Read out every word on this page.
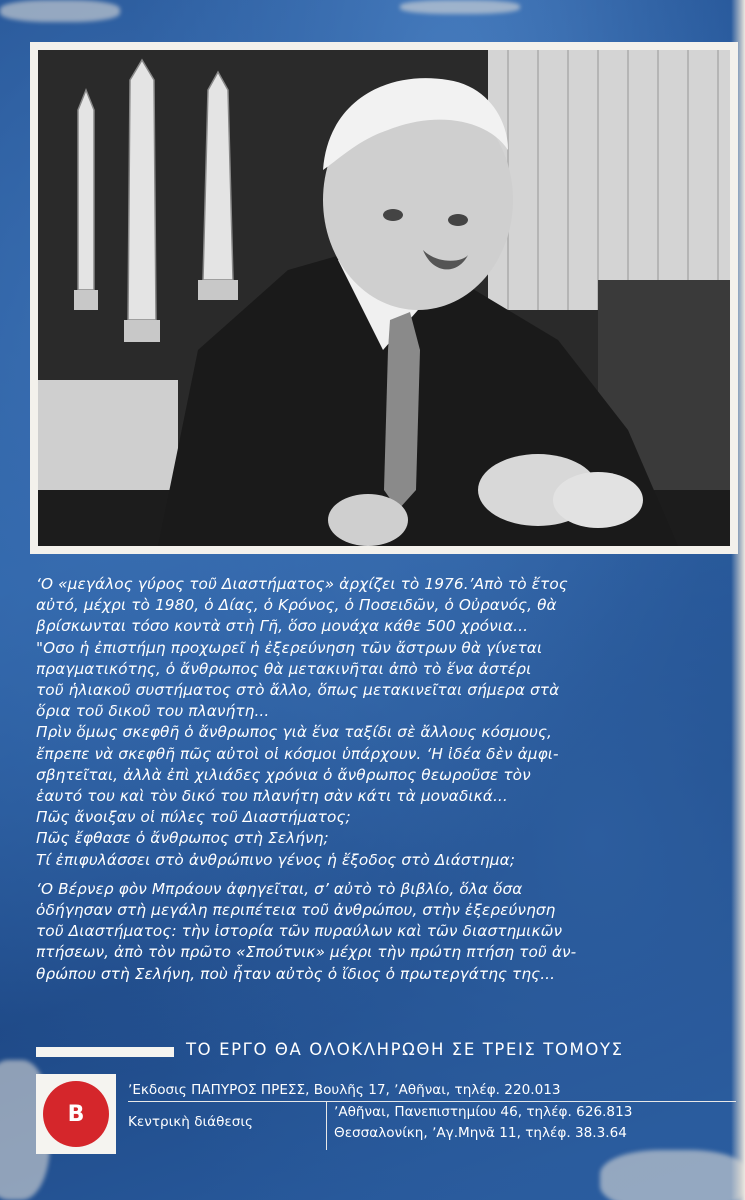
‘Ο «μεγάλος γύρος τοῦ Διαστήματος» ἀρχίζει τὸ 1976.’Απὸ τὸ ἔτος
αὐτό, μέχρι τὸ 1980, ὁ Δίας, ὁ Κρόνος, ὁ Ποσειδῶν, ὁ Οὐρανός, θὰ
βρίσκωνται τόσο κοντὰ στὴ Γῆ, ὅσο μονάχα κάθε 500 χρόνια...
"Οσο ἡ ἐπιστήμη προχωρεῖ ἡ ἐξερεύνηση τῶν ἄστρων θὰ γίνεται
πραγματικότης, ὁ ἄνθρωπος θὰ μετακινῆται ἀπὸ τὸ ἕνα ἀστέρι
τοῦ ἡλιακοῦ συστήματος στὸ ἄλλο, ὅπως μετακινεῖται σήμερα στὰ
ὅρια τοῦ δικοῦ του πλανήτη...
Πρὶν ὅμως σκεφθῆ ὁ ἄνθρωπος γιὰ ἕνα ταξίδι σὲ ἄλλους κόσμους,
ἔπρεπε νὰ σκεφθῆ πῶς αὐτοὶ οἱ κόσμοι ὑπάρχουν. ‘Η ἰδέα δὲν ἀμφι-
σβητεῖται, ἀλλὰ ἐπὶ χιλιάδες χρόνια ὁ ἄνθρωπος θεωροῦσε τὸν
ἑαυτό του καὶ τὸν δικό του πλανήτη σὰν κάτι τὰ μοναδικά...
Πῶς ἄνοιξαν οἱ πύλες τοῦ Διαστήματος;
Πῶς ἔφθασε ὁ ἄνθρωπος στὴ Σελήνη;
Τί ἐπιφυλάσσει στὸ ἀνθρώπινο γένος ἡ ἔξοδος στὸ Διάστημα;
‘Ο Βέρνερ φὸν Μπράουν ἀφηγεῖται, σ’ αὐτὸ τὸ βιβλίο, ὅλα ὅσα
ὁδήγησαν στὴ μεγάλη περιπέτεια τοῦ ἀνθρώπου, στὴν ἐξερεύνηση
τοῦ Διαστήματος: τὴν ἱστορία τῶν πυραύλων καὶ τῶν διαστημικῶν
πτήσεων, ἀπὸ τὸν πρῶτο «Σπούτνικ» μέχρι τὴν πρώτη πτήση τοῦ ἀν-
θρώπου στὴ Σελήνη, ποὺ ἦταν αὐτὸς ὁ ἴδιος ὁ πρωτεργάτης της...
ΤΟ ΕΡΓΟ ΘΑ ΟΛΟΚΛΗΡΩΘΗ ΣΕ ΤΡΕΙΣ ΤΟΜΟΥΣ
B
ʼΕκδοσις ΠΑΠΥΡΟΣ ΠΡΕΣΣ, Βουλῆς 17, ʼΑθῆναι, τηλέφ. 220.013
Κεντρικὴ διάθεσις
ʼΑθῆναι, Πανεπιστημίου 46, τηλέφ. 626.813
Θεσσαλονίκη, ʼΑγ.Μηνᾶ 11, τηλέφ. 38.3.64
